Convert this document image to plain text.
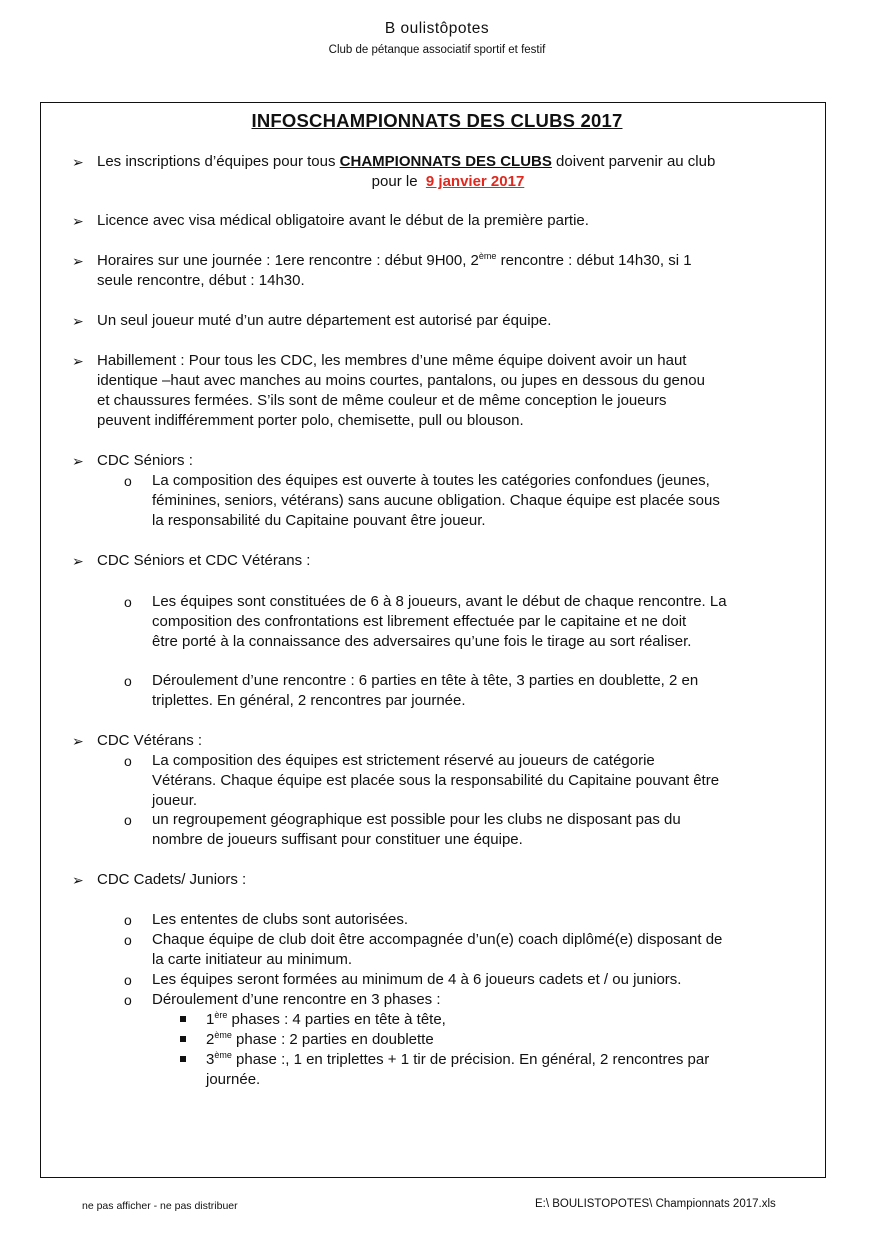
B oulistôpotes
Club de pétanque associatif sportif et festif
INFOSCHAMPIONNATS DES CLUBS 2017
➢ Les inscriptions d’équipes pour tous CHAMPIONNATS DES CLUBS doivent parvenir au club
pour le  9 janvier 2017
➢ Licence avec visa médical obligatoire avant le début de la première partie.
➢ Horaires sur une journée : 1ere rencontre : début 9H00, 2ème rencontre : début 14h30, si 1
seule rencontre, début : 14h30.
➢ Un seul joueur muté d’un autre département est autorisé par équipe.
➢ Habillement : Pour tous les CDC, les membres d’une même équipe doivent avoir un haut
identique –haut avec manches au moins courtes, pantalons, ou jupes en dessous du genou
et chaussures fermées. S’ils sont de même couleur et de même conception le joueurs
peuvent indifféremment porter polo, chemisette, pull ou blouson.
➢ CDC Séniors :
o La composition des équipes est ouverte à toutes les catégories confondues (jeunes,
féminines, seniors, vétérans) sans aucune obligation. Chaque équipe est placée sous
la responsabilité du Capitaine pouvant être joueur.
➢ CDC Séniors et CDC Vétérans :
o Les équipes sont constituées de 6 à 8 joueurs, avant le début de chaque rencontre. La
composition des confrontations est librement effectuée par le capitaine et ne doit
être porté à la connaissance des adversaires qu’une fois le tirage au sort réaliser.
o Déroulement d’une rencontre : 6 parties en tête à tête, 3 parties en doublette, 2 en
triplettes. En général, 2 rencontres par journée.
➢ CDC Vétérans :
o La composition des équipes est strictement réservé au joueurs de catégorie
Vétérans. Chaque équipe est placée sous la responsabilité du Capitaine pouvant être
joueur.
o un regroupement géographique est possible pour les clubs ne disposant pas du
nombre de joueurs suffisant pour constituer une équipe.
➢ CDC Cadets/ Juniors :
o Les ententes de clubs sont autorisées.
o Chaque équipe de club doit être accompagnée d’un(e) coach diplômé(e) disposant de
la carte initiateur au minimum.
o Les équipes seront formées au minimum de 4 à 6 joueurs cadets et / ou juniors.
o Déroulement d’une rencontre en 3 phases :
1ère phases : 4 parties en tête à tête,
2ème phase : 2 parties en doublette
3ème phase :, 1 en triplettes + 1 tir de précision. En général, 2 rencontres par
journée.
ne pas afficher - ne pas distribuer	E:\ BOULISTOPOTES\ Championnats 2017.xls
